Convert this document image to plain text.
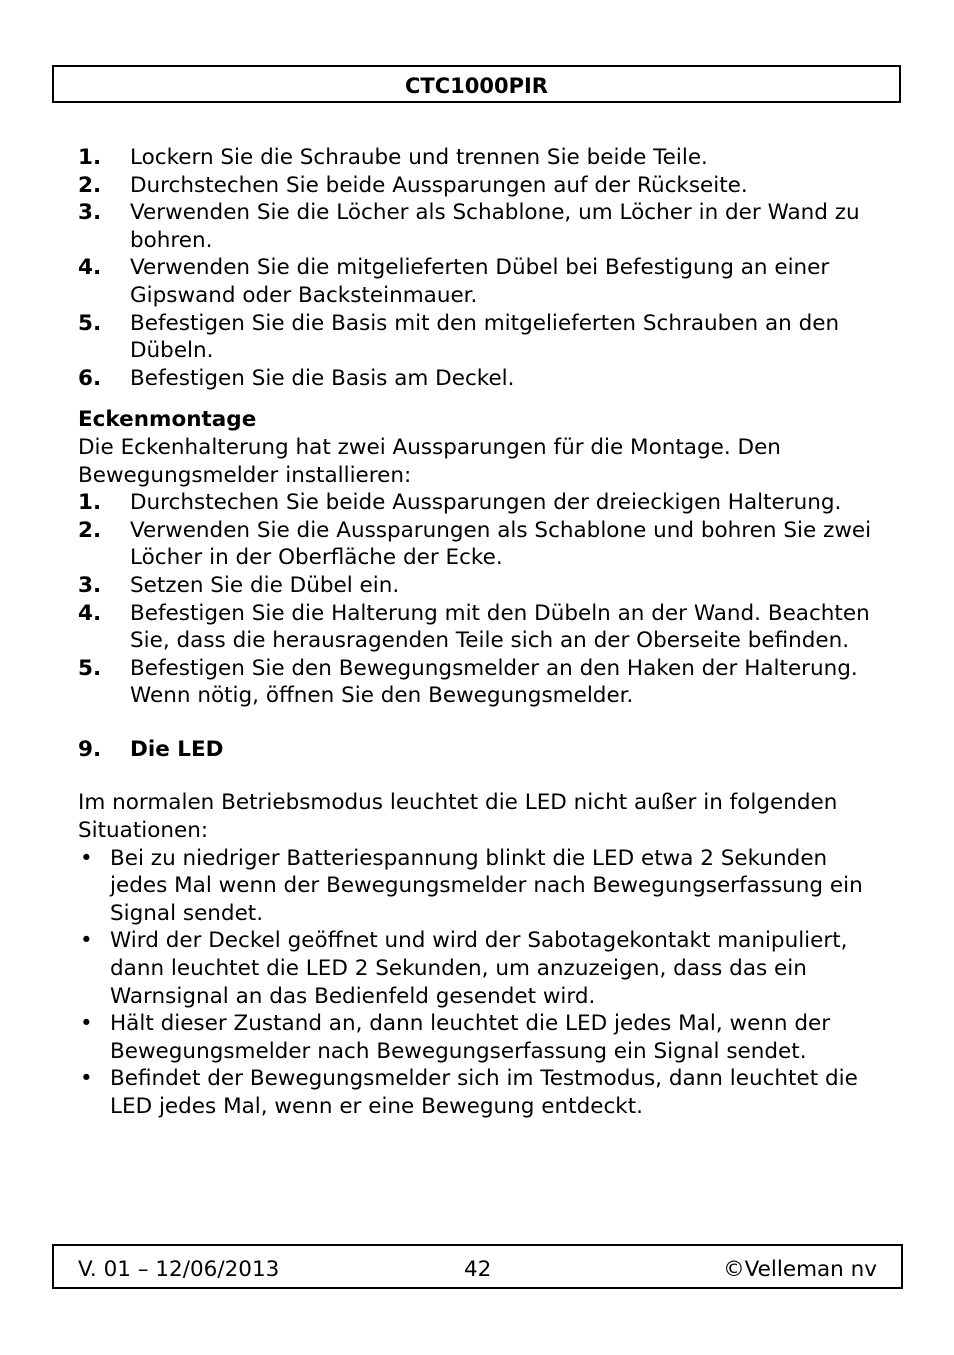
CTC1000PIR
1. Lockern Sie die Schraube und trennen Sie beide Teile.
2. Durchstechen Sie beide Aussparungen auf der Rückseite.
3. Verwenden Sie die Löcher als Schablone, um Löcher in der Wand zu bohren.
4. Verwenden Sie die mitgelieferten Dübel bei Befestigung an einer Gipswand oder Backsteinmauer.
5. Befestigen Sie die Basis mit den mitgelieferten Schrauben an den Dübeln.
6. Befestigen Sie die Basis am Deckel.
Eckenmontage

Die Eckenhalterung hat zwei Aussparungen für die Montage. Den Bewegungsmelder installieren:

1. Durchstechen Sie beide Aussparungen der dreieckigen Halterung.
2. Verwenden Sie die Aussparungen als Schablone und bohren Sie zwei Löcher in der Oberfläche der Ecke.
3. Setzen Sie die Dübel ein.
4. Befestigen Sie die Halterung mit den Dübeln an der Wand. Beachten Sie, dass die herausragenden Teile sich an der Oberseite befinden.
5. Befestigen Sie den Bewegungsmelder an den Haken der Halterung.
Wenn nötig, öffnen Sie den Bewegungsmelder.
9. Die LED

Im normalen Betriebsmodus leuchtet die LED nicht außer in folgenden Situationen:

• Bei zu niedriger Batteriespannung blinkt die LED etwa 2 Sekunden jedes Mal wenn der Bewegungsmelder nach Bewegungserfassung ein Signal sendet.
• Wird der Deckel geöffnet und wird der Sabotagekontakt manipuliert, dann leuchtet die LED 2 Sekunden, um anzuzeigen, dass das ein Warnsignal an das Bedienfeld gesendet wird.
• Hält dieser Zustand an, dann leuchtet die LED jedes Mal, wenn der Bewegungsmelder nach Bewegungserfassung ein Signal sendet.
• Befindet der Bewegungsmelder sich im Testmodus, dann leuchtet die LED jedes Mal, wenn er eine Bewegung entdeckt.
V. 01 – 12/06/2013	42	©Velleman nv
